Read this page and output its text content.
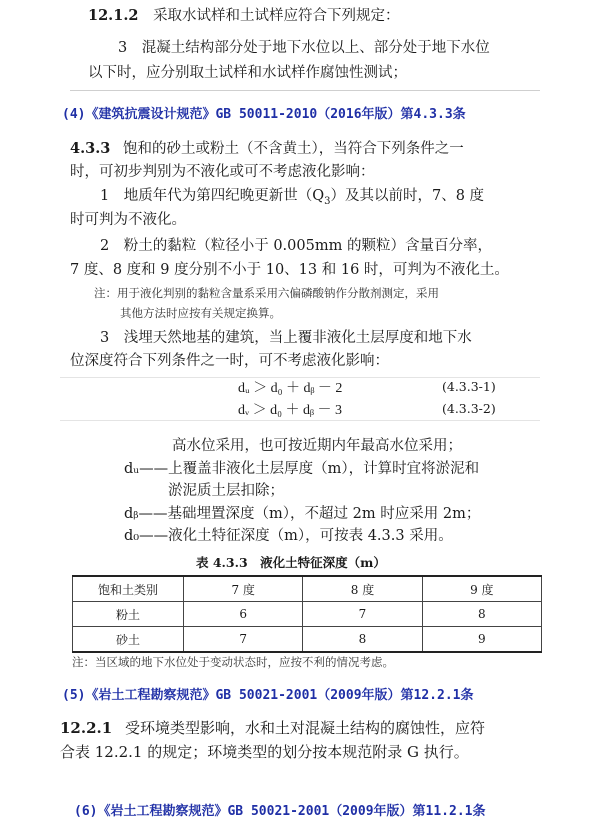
12.1.2 采取水试样和土试样应符合下列规定：
3　混凝土结构部分处于地下水位以上、部分处于地下水位
以下时，应分别取土试样和水试样作腐蚀性测试；
(4)《建筑抗震设计规范》GB 50011-2010（2016年版）第4.3.3条
4.3.3 饱和的砂土或粉土（不含黄土），当符合下列条件之一
时，可初步判别为不液化或可不考虑液化影响：
1　地质年代为第四纪晚更新世$(Q_3)$及其以前时，7、8 度
时可判为不液化。
2　粉土的黏粒（粒径小于 0.005mm 的颗粒）含量百分率，
7 度、8 度和 9 度分别不小于 10、13 和 16 时，可判为不液化土。
注：用于液化判别的黏粒含量系采用六偏磷酸钠作分散剂测定，采用
其他方法时应按有关规定换算。
3　浅埋天然地基的建筑，当上覆非液化土层厚度和地下水
位深度符合下列条件之一时，可不考虑液化影响：
dᵤ ＞ d₀ ＋ dᵦ － 2	(4.3.3-1)
dᵥ ＞ d₀ ＋ dᵦ － 3	(4.3.3-2)
高水位采用，也可按近期内年最高水位采用；
dᵤ——上覆盖非液化土层厚度（m），计算时宜将淤泥和
淤泥质土层扣除；
dᵦ——基础埋置深度（m），不超过 2m 时应采用 2m；
d₀——液化土特征深度（m），可按表 4.3.3 采用。
表 4.3.3　液化土特征深度（m）
饱和土类别	7 度	8 度	9 度
粉土	6	7	8
砂土	7	8	9
注：当区域的地下水位处于变动状态时，应按不利的情况考虑。
(5)《岩土工程勘察规范》GB 50021-2001（2009年版）第12.2.1条
12.2.1 受环境类型影响，水和土对混凝土结构的腐蚀性，应符
合表 12.2.1 的规定；环境类型的划分按本规范附录 G 执行。
(6)《岩土工程勘察规范》GB 50021-2001（2009年版）第11.2.1条
